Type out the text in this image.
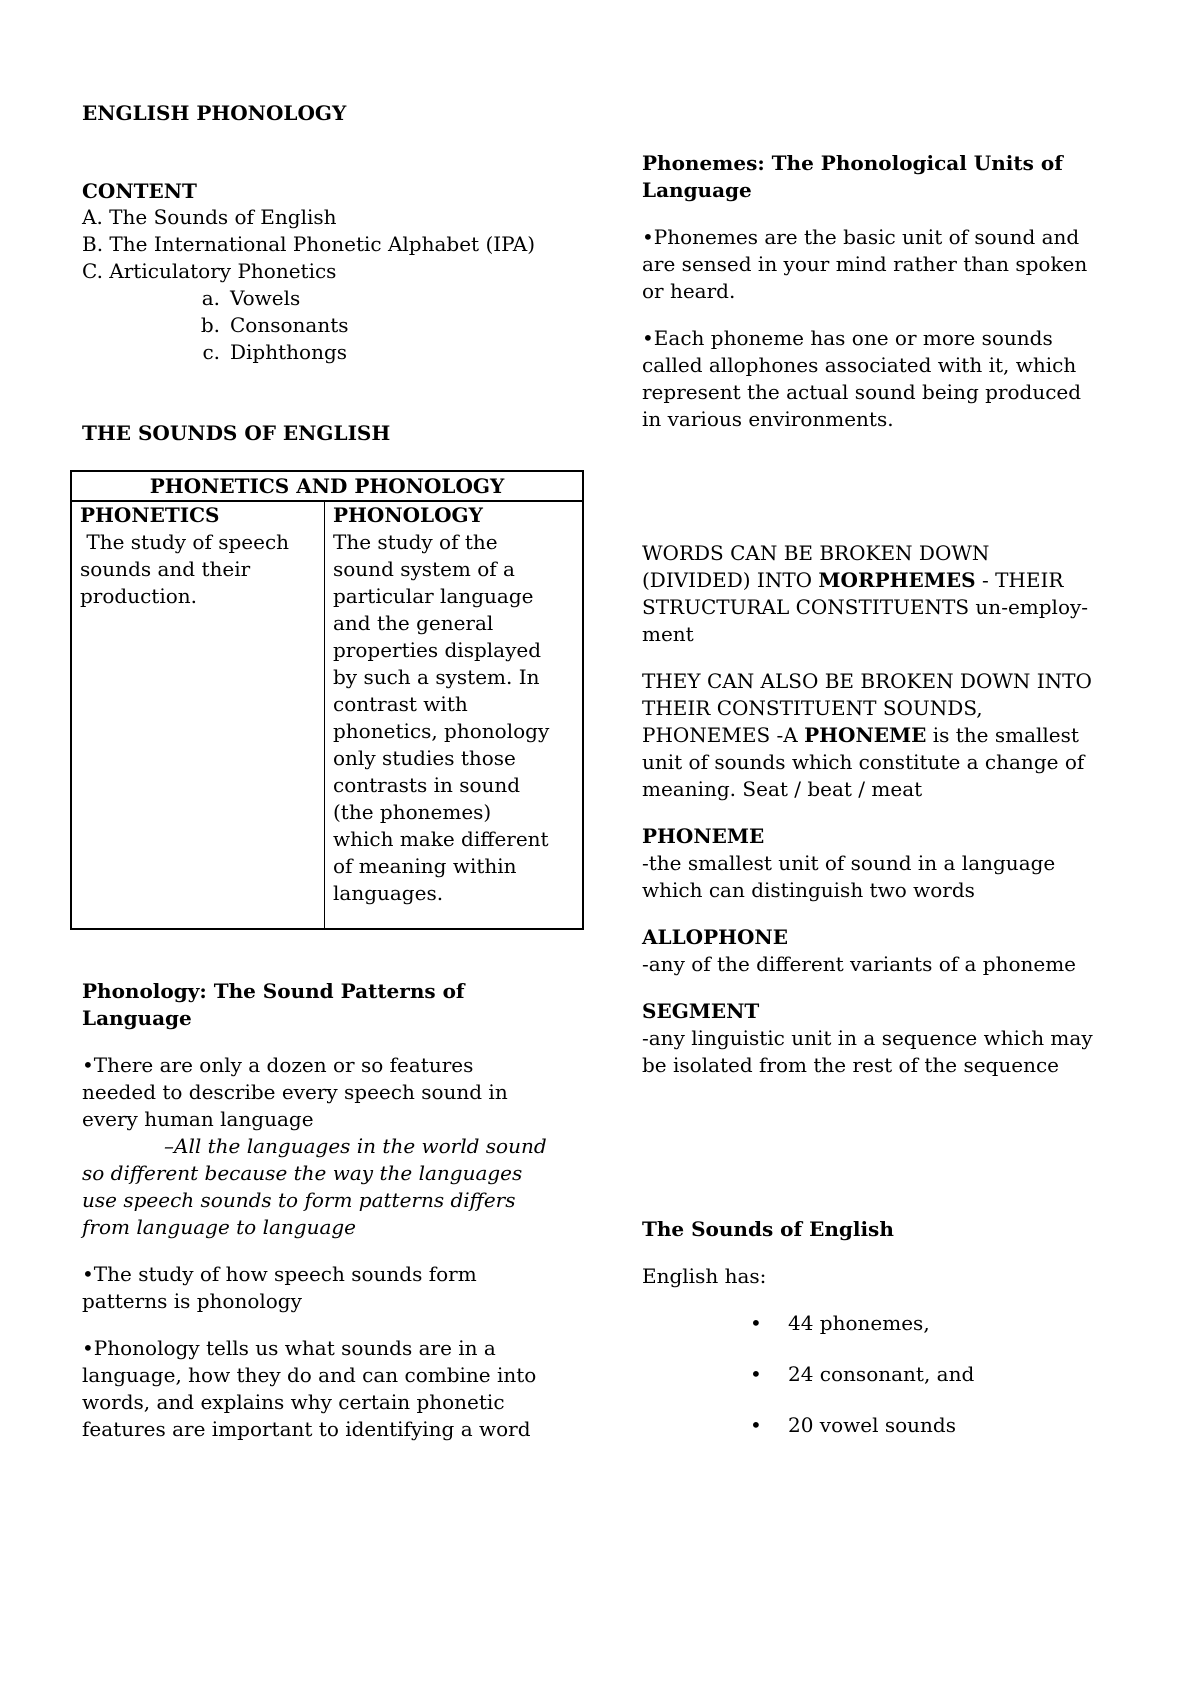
ENGLISH PHONOLOGY
CONTENT
A. The Sounds of English
B. The International Phonetic Alphabet (IPA)
C. Articulatory Phonetics
a. Vowels
b. Consonants
c. Diphthongs
THE SOUNDS OF ENGLISH
PHONETICS AND PHONOLOGY

PHONETICS
The study of speech
sounds and their
production.

PHONOLOGY
The study of the
sound system of a
particular language
and the general
properties displayed
by such a system. In
contrast with
phonetics, phonology
only studies those
contrasts in sound
(the phonemes)
which make different
of meaning within
languages.
Phonology: The Sound Patterns of
Language
•There are only a dozen or so features
needed to describe every speech sound in
every human language
–All the languages in the world sound
so different because the way the languages
use speech sounds to form patterns differs
from language to language
•The study of how speech sounds form
patterns is phonology
•Phonology tells us what sounds are in a
language, how they do and can combine into
words, and explains why certain phonetic
features are important to identifying a word
Phonemes: The Phonological Units of
Language
•Phonemes are the basic unit of sound and
are sensed in your mind rather than spoken
or heard.
•Each phoneme has one or more sounds
called allophones associated with it, which
represent the actual sound being produced
in various environments.
WORDS CAN BE BROKEN DOWN
(DIVIDED) INTO MORPHEMES - THEIR
STRUCTURAL CONSTITUENTS un-employ-
ment
THEY CAN ALSO BE BROKEN DOWN INTO
THEIR CONSTITUENT SOUNDS,
PHONEMES -A PHONEME is the smallest
unit of sounds which constitute a change of
meaning. Seat / beat / meat
PHONEME
-the smallest unit of sound in a language
which can distinguish two words
ALLOPHONE
-any of the different variants of a phoneme
SEGMENT
-any linguistic unit in a sequence which may
be isolated from the rest of the sequence
The Sounds of English
English has:
• 44 phonemes,
• 24 consonant, and
• 20 vowel sounds
